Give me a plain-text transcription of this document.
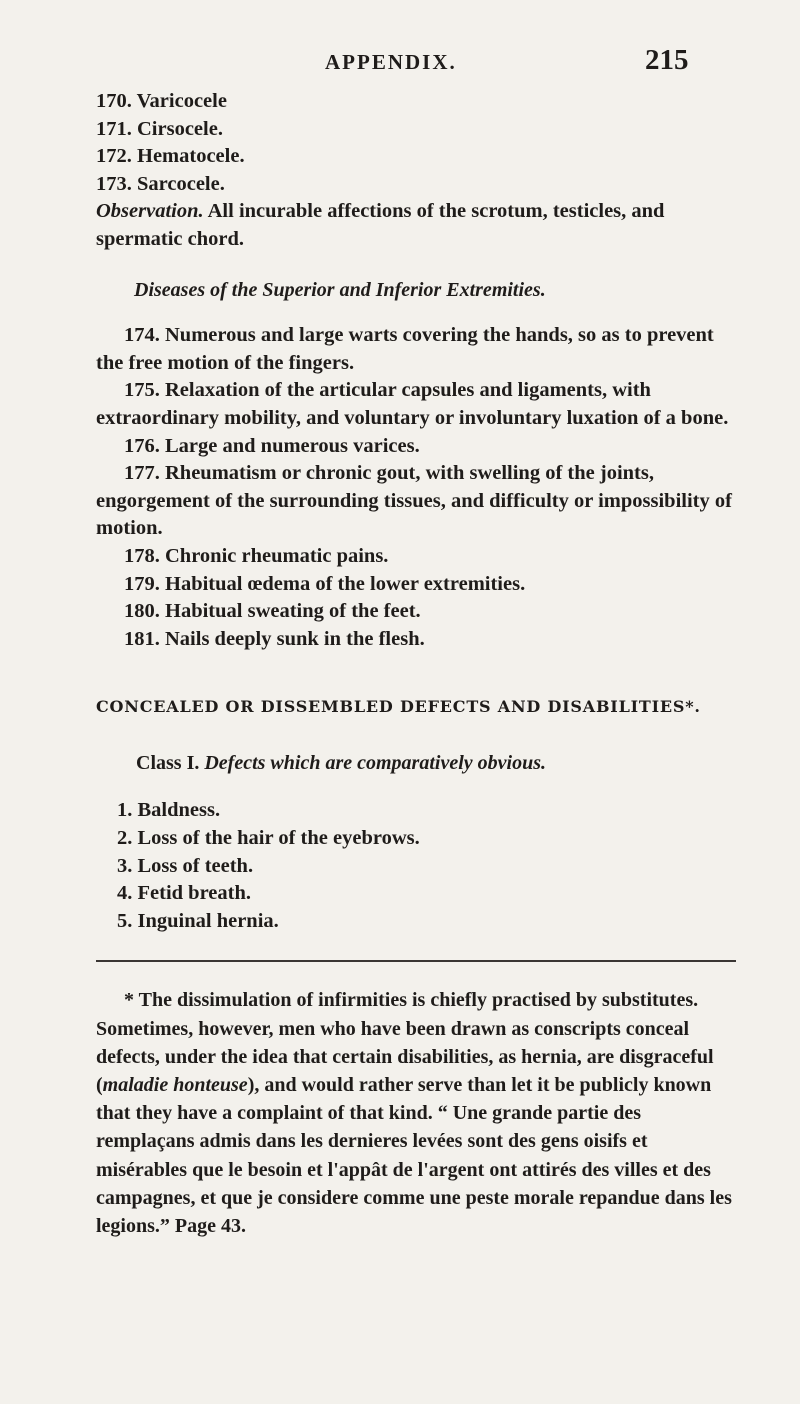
APPENDIX.	215

170. Varicocele

171. Cirsocele.

172. Hematocele.

173. Sarcocele.

Observation. All incurable affections of the scrotum, testicles, and spermatic chord.

Diseases of the Superior and Inferior Extremities.

174. Numerous and large warts covering the hands, so as to prevent the free motion of the fingers.

175. Relaxation of the articular capsules and ligaments, with extraordinary mobility, and voluntary or involuntary luxation of a bone.

176. Large and numerous varices.

177. Rheumatism or chronic gout, with swelling of the joints, engorgement of the surrounding tissues, and difficulty or impossibility of motion.

178. Chronic rheumatic pains.

179. Habitual œdema of the lower extremities.

180. Habitual sweating of the feet.

181. Nails deeply sunk in the flesh.

CONCEALED OR DISSEMBLED DEFECTS AND DISABILITIES*.

Class I. Defects which are comparatively obvious.

1. Baldness.

2. Loss of the hair of the eyebrows.

3. Loss of teeth.

4. Fetid breath.

5. Inguinal hernia.

* The dissimulation of infirmities is chiefly practised by substitutes. Sometimes, however, men who have been drawn as conscripts conceal defects, under the idea that certain disabilities, as hernia, are disgraceful (maladie honteuse), and would rather serve than let it be publicly known that they have a complaint of that kind. “ Une grande partie des remplaçans admis dans les dernieres levées sont des gens oisifs et misérables que le besoin et l'appât de l'argent ont attirés des villes et des campagnes, et que je considere comme une peste morale repandue dans les legions.” Page 43.
